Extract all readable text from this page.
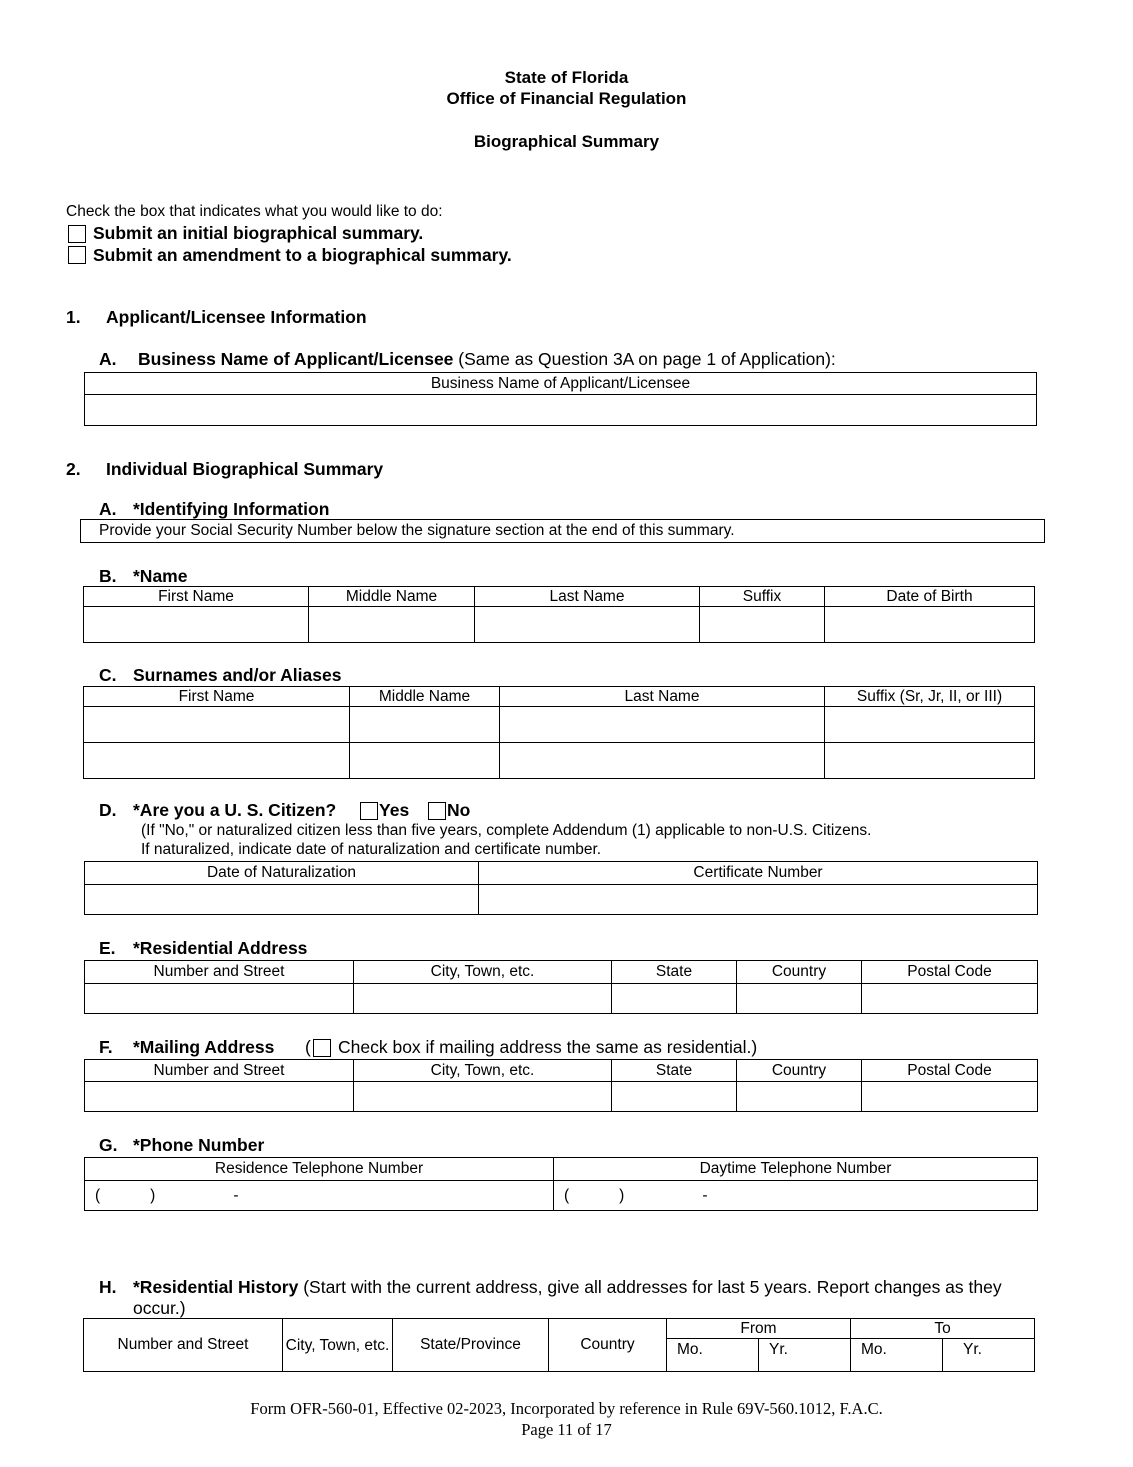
State of Florida
Office of Financial Regulation
Biographical Summary
Check the box that indicates what you would like to do:
Submit an initial biographical summary.
Submit an amendment to a biographical summary.
1. Applicant/Licensee Information
A. Business Name of Applicant/Licensee (Same as Question 3A on page 1 of Application):
Business Name of Applicant/Licensee

2. Individual Biographical Summary
A. *Identifying Information
Provide your Social Security Number below the signature section at the end of this summary.
B. *Name
First Name	Middle Name	Last Name	Suffix	Date of Birth

C. Surnames and/or Aliases
First Name	Middle Name	Last Name	Suffix (Sr, Jr, II, or III)

D. *Are you a U. S. Citizen? Yes No
(If "No," or naturalized citizen less than five years, complete Addendum (1) applicable to non-U.S. Citizens.
If naturalized, indicate date of naturalization and certificate number.
Date of Naturalization	Certificate Number

E. *Residential Address
Number and Street	City, Town, etc.	State	Country	Postal Code

F. *Mailing Address ( Check box if mailing address the same as residential.)
Number and Street	City, Town, etc.	State	Country	Postal Code

G. *Phone Number
Residence Telephone Number	Daytime Telephone Number
( ) -	( ) -
H. *Residential History (Start with the current address, give all addresses for last 5 years. Report changes as they
occur.)
Number and Street	City, Town, etc.	State/Province	Country	From		To	
				Mo.	Yr.	Mo.	Yr.
Form OFR-560-01, Effective 02-2023, Incorporated by reference in Rule 69V-560.1012, F.A.C.
Page 11 of 17
